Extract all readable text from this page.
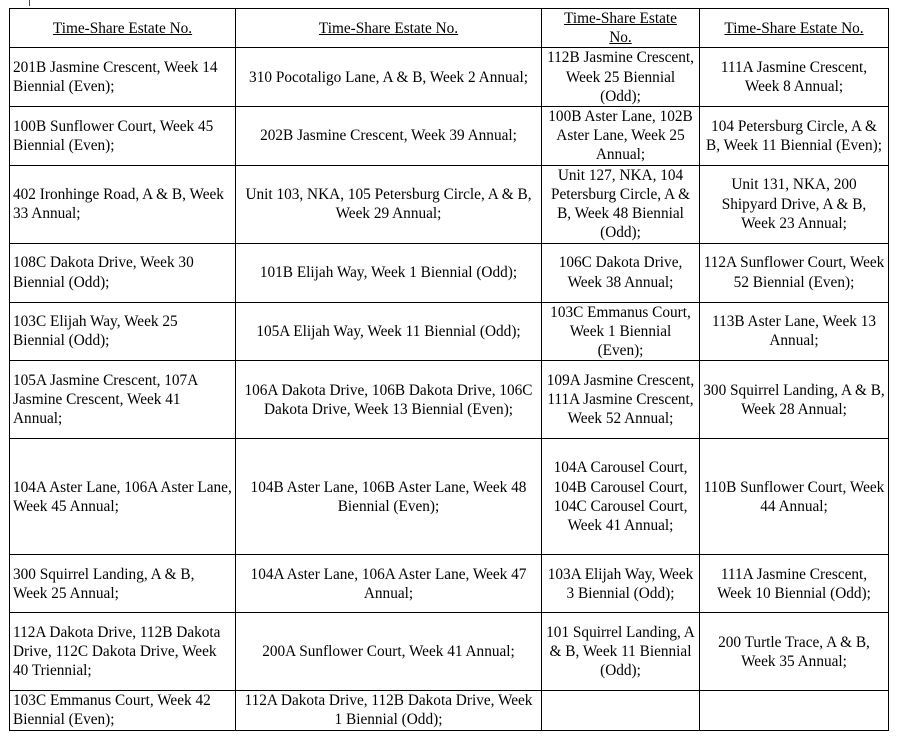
Time-Share Estate No.	Time-Share Estate No.	Time-Share Estate No.	Time-Share Estate No.
201B Jasmine Crescent, Week 14 Biennial (Even);	310 Pocotaligo Lane, A & B, Week 2 Annual;	112B Jasmine Crescent, Week 25 Biennial (Odd);	111A Jasmine Crescent, Week 8 Annual;
100B Sunflower Court, Week 45 Biennial (Even);	202B Jasmine Crescent, Week 39 Annual;	100B Aster Lane, 102B Aster Lane, Week 25 Annual;	104 Petersburg Circle, A & B, Week 11 Biennial (Even);
402 Ironhinge Road, A & B, Week 33 Annual;	Unit 103, NKA, 105 Petersburg Circle, A & B, Week 29 Annual;	Unit 127, NKA, 104 Petersburg Circle, A & B, Week 48 Biennial (Odd);	Unit 131, NKA, 200 Shipyard Drive, A & B, Week 23 Annual;
108C Dakota Drive, Week 30 Biennial (Odd);	101B Elijah Way, Week 1 Biennial (Odd);	106C Dakota Drive, Week 38 Annual;	112A Sunflower Court, Week 52 Biennial (Even);
103C Elijah Way, Week 25 Biennial (Odd);	105A Elijah Way, Week 11 Biennial (Odd);	103C Emmanus Court, Week 1 Biennial (Even);	113B Aster Lane, Week 13 Annual;
105A Jasmine Crescent, 107A Jasmine Crescent, Week 41 Annual;	106A Dakota Drive, 106B Dakota Drive, 106C Dakota Drive, Week 13 Biennial (Even);	109A Jasmine Crescent, 111A Jasmine Crescent, Week 52 Annual;	300 Squirrel Landing, A & B, Week 28 Annual;
104A Aster Lane, 106A Aster Lane, Week 45 Annual;	104B Aster Lane, 106B Aster Lane, Week 48 Biennial (Even);	104A Carousel Court, 104B Carousel Court, 104C Carousel Court, Week 41 Annual;	110B Sunflower Court, Week 44 Annual;
300 Squirrel Landing, A & B, Week 25 Annual;	104A Aster Lane, 106A Aster Lane, Week 47 Annual;	103A Elijah Way, Week 3 Biennial (Odd);	111A Jasmine Crescent, Week 10 Biennial (Odd);
112A Dakota Drive, 112B Dakota Drive, 112C Dakota Drive, Week 40 Triennial;	200A Sunflower Court, Week 41 Annual;	101 Squirrel Landing, A & B, Week 11 Biennial (Odd);	200 Turtle Trace, A & B, Week 35 Annual;
103C Emmanus Court, Week 42 Biennial (Even);	112A Dakota Drive, 112B Dakota Drive, Week 1 Biennial (Odd);		
